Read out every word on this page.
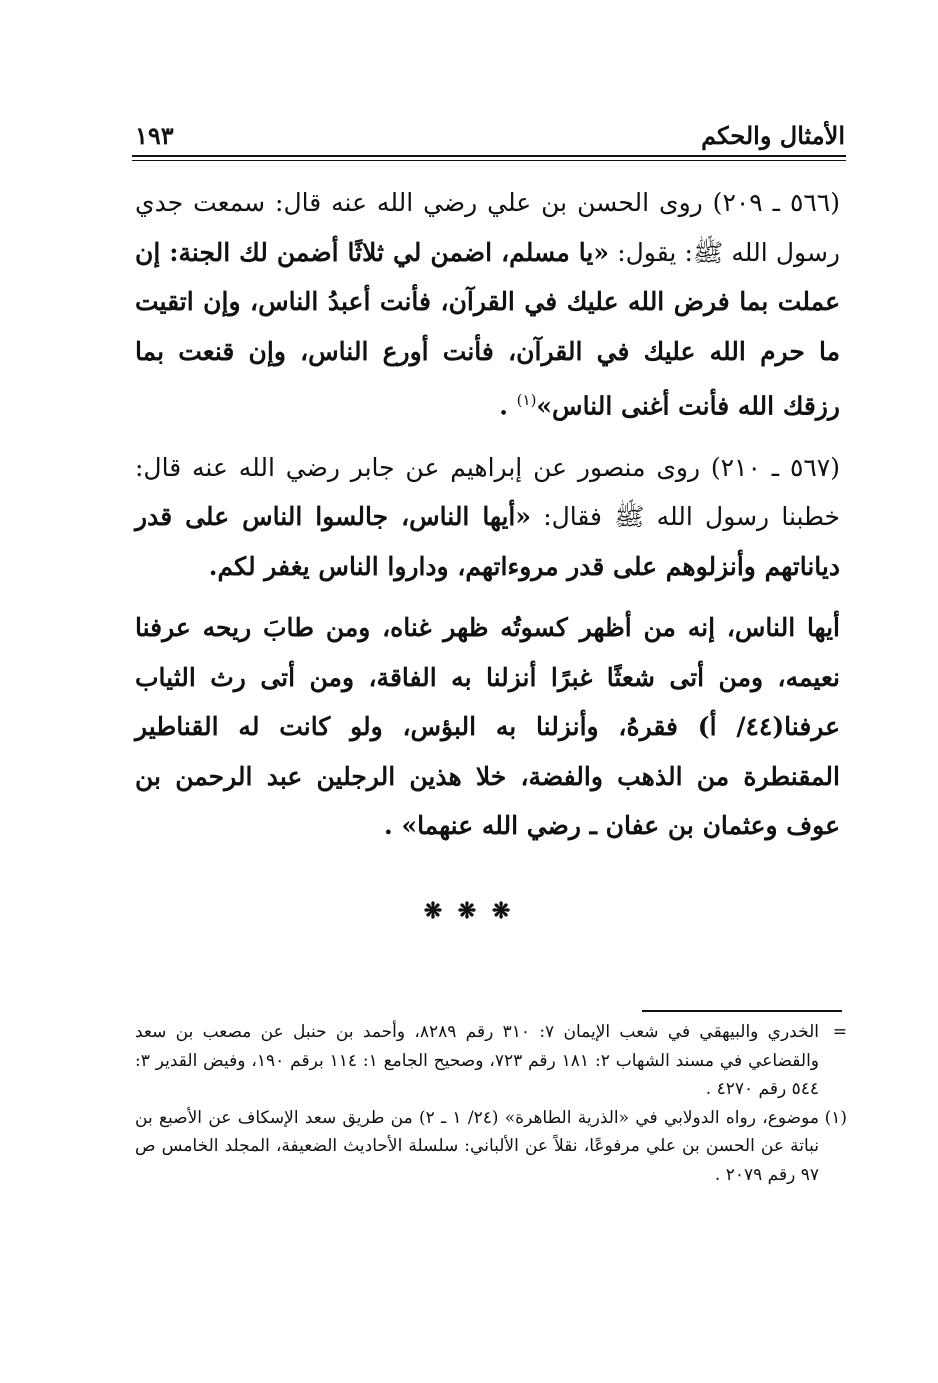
الأمثال والحكم
١٩٣

(٥٦٦ ـ ٢٠٩) روى الحسن بن علي رضي الله عنه قال: سمعت جدي رسول الله ﷺ: يقول: «يا مسلم، اضمن لي ثلاثًا أضمن لك الجنة: إن عملت بما فرض الله عليك في القرآن، فأنت أعبدُ الناس، وإن اتقيت ما حرم الله عليك في القرآن، فأنت أورع الناس، وإن قنعت بما رزقك الله فأنت أغنى الناس»$^{(١)}$ .

(٥٦٧ ـ ٢١٠) روى منصور عن إبراهيم عن جابر رضي الله عنه قال: خطبنا رسول الله ﷺ فقال: «أيها الناس، جالسوا الناس على قدر دياناتهم وأنزلوهم على قدر مروءاتهم، وداروا الناس يغفر لكم.

أيها الناس، إنه من أظهر كسوتُه ظهر غناه، ومن طابَ ريحه عرفنا نعيمه، ومن أتى شعثًا غبرًا أنزلنا به الفاقة، ومن أتى رث الثياب عرفنا(٤٤/ أ) فقرهُ، وأنزلنا به البؤس، ولو كانت له القناطير المقنطرة من الذهب والفضة، خلا هذين الرجلين عبد الرحمن بن عوف وعثمان بن عفان ـ رضي الله عنهما» .

❋ ❋ ❋

=
الخدري والبيهقي في شعب الإيمان ٧: ٣١٠ رقم ٨٢٨٩، وأحمد بن حنبل عن مصعب بن سعد والقضاعي في مسند الشهاب ٢: ١٨١ رقم ٧٢٣، وصحيح الجامع ١: ١١٤ برقم ١٩٠، وفيض القدير ٣: ٥٤٤ رقم ٤٢٧٠ .

(١)
موضوع، رواه الدولابي في «الذرية الطاهرة» (٢٤/ ١ ـ ٢) من طريق سعد الإسكاف عن الأصبع بن نباتة عن الحسن بن علي مرفوعًا، نقلاً عن الألباني: سلسلة الأحاديث الضعيفة، المجلد الخامس ص ٩٧ رقم ٢٠٧٩ .
